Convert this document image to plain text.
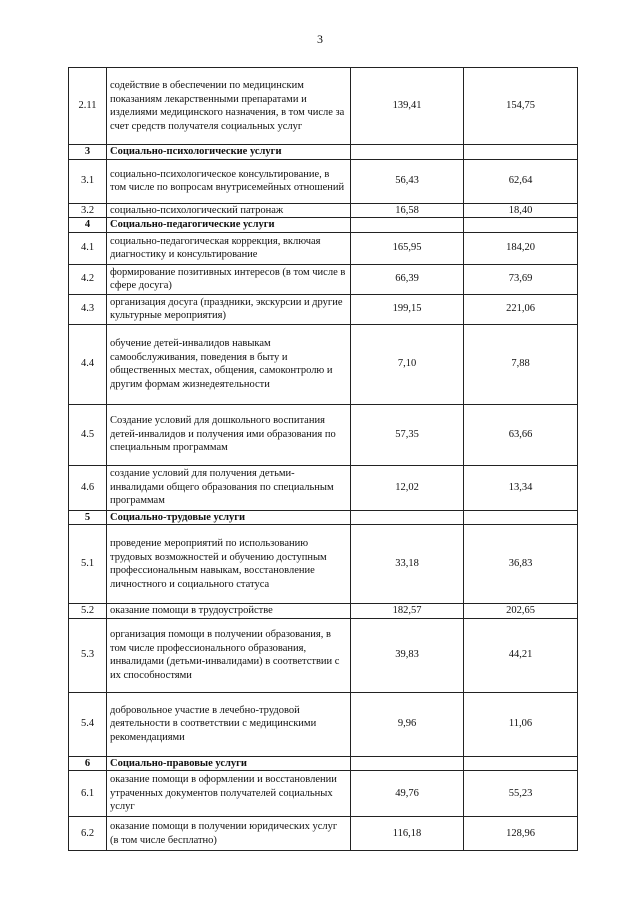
3
2.11	содействие в обеспечении по медицинским показаниям лекарственными препаратами и изделиями медицинского назначения, в том числе за счет средств получателя социальных услуг	139,41	154,75
3	Социально-психологические услуги		
3.1	социально-психологическое консультирование, в том числе по вопросам внутрисемейных отношений	56,43	62,64
3.2	социально-психологический патронаж	16,58	18,40
4	Социально-педагогические услуги		
4.1	социально-педагогическая коррекция, включая диагностику и консультирование	165,95	184,20
4.2	формирование позитивных интересов (в том числе в сфере досуга)	66,39	73,69
4.3	организация досуга (праздники, экскурсии и другие культурные мероприятия)	199,15	221,06
4.4	обучение детей-инвалидов навыкам самообслуживания, поведения в быту и общественных местах, общения, самоконтролю и другим формам жизнедеятельности	7,10	7,88
4.5	Создание условий для дошкольного воспитания детей-инвалидов и получения ими образования по специальным программам	57,35	63,66
4.6	создание условий для получения детьми-инвалидами общего образования по специальным программам	12,02	13,34
5	Социально-трудовые услуги		
5.1	проведение мероприятий по использованию трудовых возможностей и обучению доступным профессиональным навыкам, восстановление личностного и социального статуса	33,18	36,83
5.2	оказание помощи в трудоустройстве	182,57	202,65
5.3	организация помощи в получении образования, в том числе профессионального образования, инвалидами (детьми-инвалидами) в соответствии с их способностями	39,83	44,21
5.4	добровольное участие в лечебно-трудовой деятельности в соответствии с медицинскими рекомендациями	9,96	11,06
6	Социально-правовые услуги		
6.1	оказание помощи в оформлении и восстановлении утраченных документов получателей социальных услуг	49,76	55,23
6.2	оказание помощи в получении юридических услуг (в том числе бесплатно)	116,18	128,96
